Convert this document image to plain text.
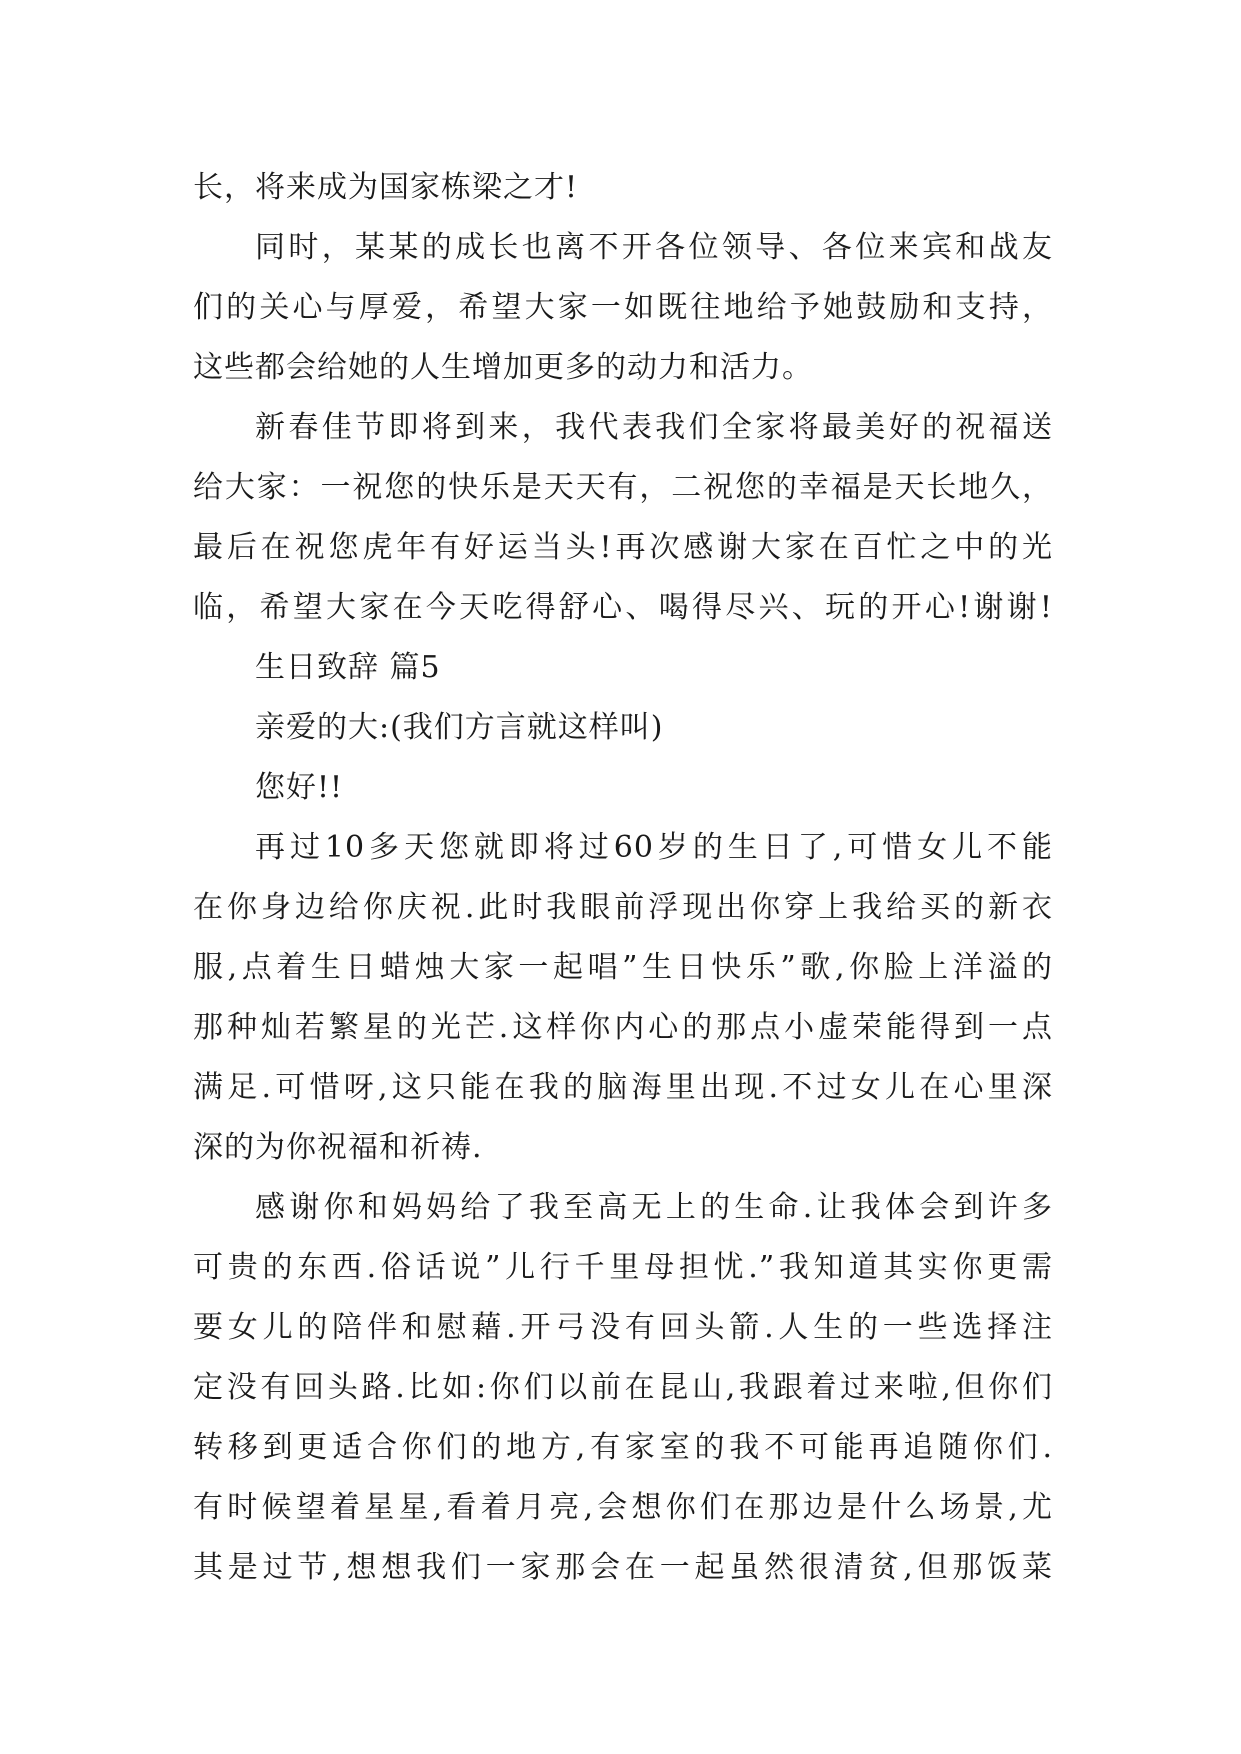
长，将来成为国家栋梁之才!
同时，某某的成长也离不开各位领导、各位来宾和战友
们的关心与厚爱，希望大家一如既往地给予她鼓励和支持，
这些都会给她的人生增加更多的动力和活力。
新春佳节即将到来，我代表我们全家将最美好的祝福送
给大家：一祝您的快乐是天天有，二祝您的幸福是天长地久，
最后在祝您虎年有好运当头!再次感谢大家在百忙之中的光
临，希望大家在今天吃得舒心、喝得尽兴、玩的开心!谢谢!
生日致辞 篇5
亲爱的大:(我们方言就这样叫)
您好!!
再过10多天您就即将过60岁的生日了,可惜女儿不能
在你身边给你庆祝.此时我眼前浮现出你穿上我给买的新衣
服,点着生日蜡烛大家一起唱”生日快乐”歌,你脸上洋溢的
那种灿若繁星的光芒.这样你内心的那点小虚荣能得到一点
满足.可惜呀,这只能在我的脑海里出现.不过女儿在心里深
深的为你祝福和祈祷.
感谢你和妈妈给了我至高无上的生命.让我体会到许多
可贵的东西.俗话说”儿行千里母担忧.”我知道其实你更需
要女儿的陪伴和慰藉.开弓没有回头箭.人生的一些选择注
定没有回头路.比如:你们以前在昆山,我跟着过来啦,但你们
转移到更适合你们的地方,有家室的我不可能再追随你们.
有时候望着星星,看着月亮,会想你们在那边是什么场景,尤
其是过节,想想我们一家那会在一起虽然很清贫,但那饭菜
